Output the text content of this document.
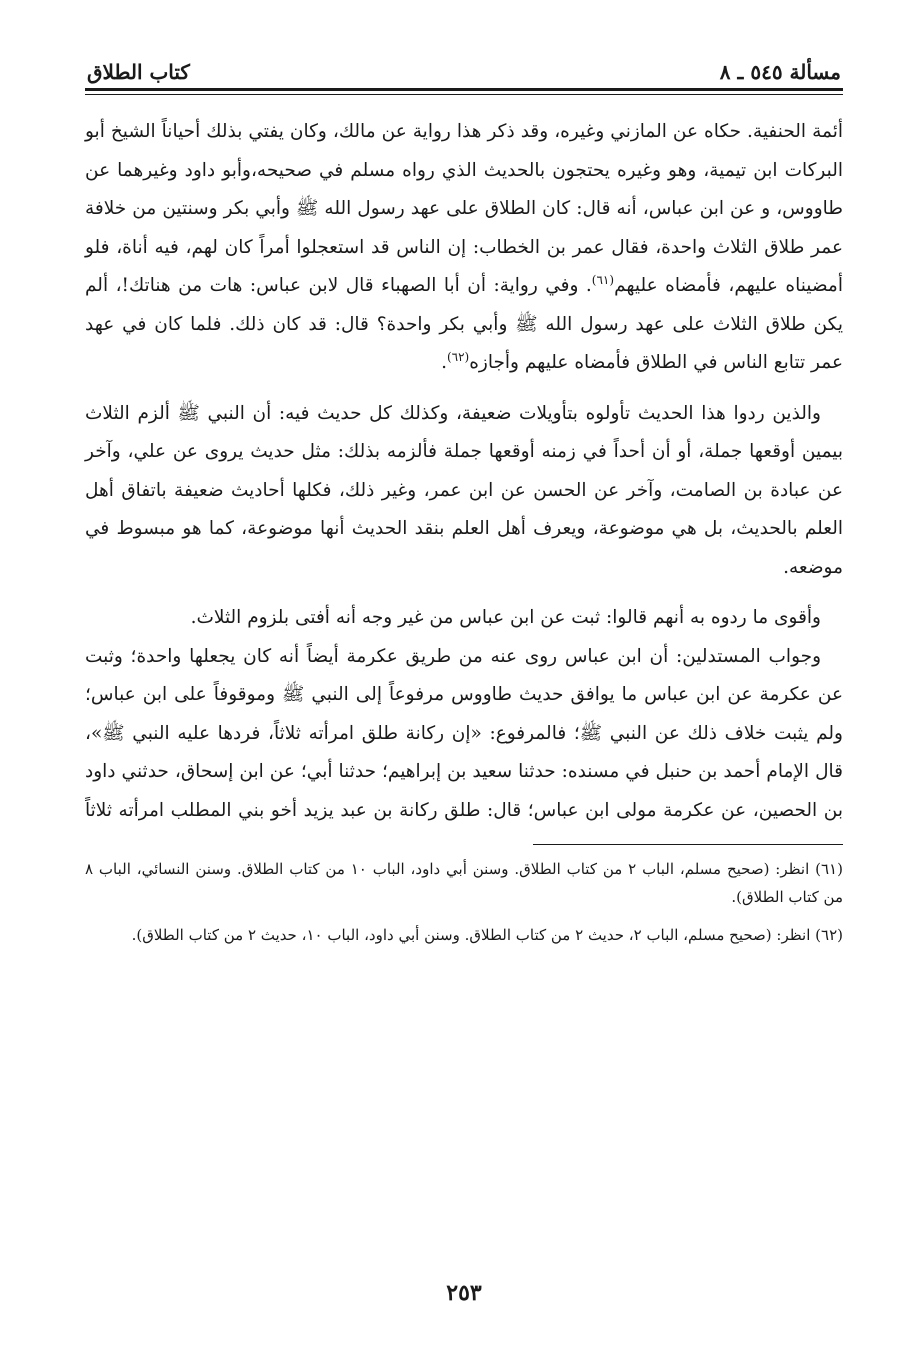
مسألة ٥٤٥ ـ ٨
كتاب الطلاق

أئمة الحنفية. حكاه عن المازني وغيره، وقد ذكر هذا رواية عن مالك، وكان يفتي بذلك أحياناً الشيخ أبو البركات ابن تيمية، وهو وغيره يحتجون بالحديث الذي رواه مسلم في صحيحه،وأبو داود وغيرهما عن طاووس، و عن ابن عباس، أنه قال: كان الطلاق على عهد رسول الله ﷺ وأبي بكر وسنتين من خلافة عمر طلاق الثلاث واحدة، فقال عمر بن الخطاب: إن الناس قد استعجلوا أمراً كان لهم، فيه أناة، فلو أمضيناه عليهم، فأمضاه عليهم$^{(٦١)}$. وفي رواية: أن أبا الصهباء قال لابن عباس: هات من هناتك!، ألم يكن طلاق الثلاث على عهد رسول الله ﷺ وأبي بكر واحدة؟ قال: قد كان ذلك. فلما كان في عهد عمر تتابع الناس في الطلاق فأمضاه عليهم وأجازه$^{(٦٢)}$.

والذين ردوا هذا الحديث تأولوه بتأويلات ضعيفة، وكذلك كل حديث فيه: أن النبي ﷺ ألزم الثلاث بيمين أوقعها جملة، أو أن أحداً في زمنه أوقعها جملة فألزمه بذلك: مثل حديث يروى عن علي، وآخر عن عبادة بن الصامت، وآخر عن الحسن عن ابن عمر، وغير ذلك، فكلها أحاديث ضعيفة باتفاق أهل العلم بالحديث، بل هي موضوعة، ويعرف أهل العلم بنقد الحديث أنها موضوعة، كما هو مبسوط في موضعه.

وأقوى ما ردوه به أنهم قالوا: ثبت عن ابن عباس من غير وجه أنه أفتى بلزوم الثلاث.

وجواب المستدلين: أن ابن عباس روى عنه من طريق عكرمة أيضاً أنه كان يجعلها واحدة؛ وثبت عن عكرمة عن ابن عباس ما يوافق حديث طاووس مرفوعاً إلى النبي ﷺ وموقوفاً على ابن عباس؛ ولم يثبت خلاف ذلك عن النبي ﷺ؛ فالمرفوع: «إن ركانة طلق امرأته ثلاثاً، فردها عليه النبي ﷺ»، قال الإمام أحمد بن حنبل في مسنده: حدثنا سعيد بن إبراهيم؛ حدثنا أبي؛ عن ابن إسحاق، حدثني داود بن الحصين، عن عكرمة مولى ابن عباس؛ قال: طلق ركانة بن عبد يزيد أخو بني المطلب امرأته ثلاثاً

(٦١) انظر: (صحيح مسلم، الباب ٢ من كتاب الطلاق. وسنن أبي داود، الباب ١٠ من كتاب الطلاق. وسنن النسائي، الباب ٨ من كتاب الطلاق).

(٦٢) انظر: (صحيح مسلم، الباب ٢، حديث ٢ من كتاب الطلاق. وسنن أبي داود، الباب ١٠، حديث ٢ من كتاب الطلاق).

٢٥٣
